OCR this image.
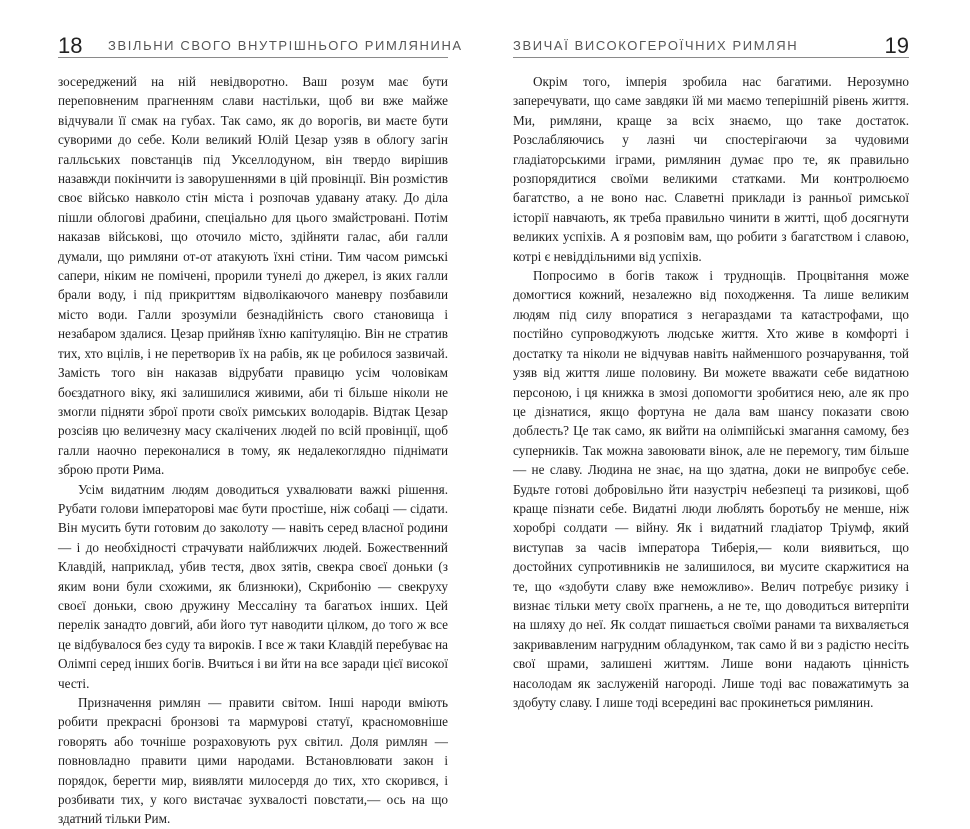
18 ЗВІЛЬНИ СВОГО ВНУТРІШНЬОГО РИМЛЯНИНА

зосереджений на ній невідворотно. Ваш розум має бути переповненим прагненням слави настільки, щоб ви вже майже відчували її смак на губах. Так само, як до ворогів, ви маєте бути суворими до себе. Коли великий Юлій Цезар узяв в облогу загін галльських повстанців під Укселлодуном, він твердо вирішив назавжди покінчити із заворушеннями в цій провінції. Він розмістив своє військо навколо стін міста і розпочав удавану атаку. До діла пішли облогові драбини, спеціально для цього змайстровані. Потім наказав військові, що оточило місто, здійняти галас, аби галли думали, що римляни от-от атакують їхні стіни. Тим часом римські сапери, ніким не помічені, прорили тунелі до джерел, із яких галли брали воду, і під прикриттям відволікаючого маневру позбавили місто води. Галли зрозуміли безнадійність свого становища і незабаром здалися. Цезар прийняв їхню капітуляцію. Він не стратив тих, хто вцілів, і не перетворив їх на рабів, як це робилося зазвичай. Замість того він наказав відрубати правицю усім чоловікам боєздатного віку, які залишилися живими, аби ті більше ніколи не змогли підняти зброї проти своїх римських володарів. Відтак Цезар розсіяв цю величезну масу скалічених людей по всій провінції, щоб галли наочно переконалися в тому, як недалекоглядно піднімати зброю проти Рима.

Усім видатним людям доводиться ухвалювати важкі рішення. Рубати голови імператорові має бути простіше, ніж собаці — сідати. Він мусить бути готовим до заколоту — навіть серед власної родини — і до необхідності страчувати найближчих людей. Божественний Клавдій, наприклад, убив тестя, двох зятів, свекра своєї доньки (з яким вони були схожими, як близнюки), Скрибонію — свекруху своєї доньки, свою дружину Мессаліну та багатьох інших. Цей перелік занадто довгий, аби його тут наводити цілком, до того ж все це відбувалося без суду та вироків. І все ж таки Клавдій перебуває на Олімпі серед інших богів. Вчиться і ви йти на все заради цієї високої честі.

Призначення римлян — правити світом. Інші народи вміють робити прекрасні бронзові та мармурові статуї, красномовніше говорять або точніше розраховують рух світил. Доля римлян — повновладно правити цими народами. Встановлювати закон і порядок, берегти мир, виявляти милосердя до тих, хто скорився, і розбивати тих, у кого вистачає зухвалості повстати,— ось на що здатний тільки Рим.

ЗВИЧАЇ ВИСОКОГЕРОЇЧНИХ РИМЛЯН	19

Окрім того, імперія зробила нас багатими. Нерозумно заперечувати, що саме завдяки їй ми маємо теперішній рівень життя. Ми, римляни, краще за всіх знаємо, що таке достаток. Розслабляючись у лазні чи спостерігаючи за чудовими гладіаторськими іграми, римлянин думає про те, як правильно розпорядитися своїми великими статками. Ми контролюємо багатство, а не воно нас. Славетні приклади із ранньої римської історії навчають, як треба правильно чинити в житті, щоб досягнути великих успіхів. А я розповім вам, що робити з багатством і славою, котрі є невіддільними від успіхів.

Попросимо в богів також і труднощів. Процвітання може домогтися кожний, незалежно від походження. Та лише великим людям під силу впоратися з негараздами та катастрофами, що постійно супроводжують людське життя. Хто живе в комфорті і достатку та ніколи не відчував навіть найменшого розчарування, той узяв від життя лише половину. Ви можете вважати себе видатною персоною, і ця книжка в змозі допомогти зробитися нею, але як про це дізнатися, якщо фортуна не дала вам шансу показати свою доблесть? Це так само, як вийти на олімпійські змагання самому, без суперників. Так можна завоювати вінок, але не перемогу, тим більше — не славу. Людина не знає, на що здатна, доки не випробує себе. Будьте готові добровільно йти назустріч небезпеці та ризикові, щоб краще пізнати себе. Видатні люди люблять боротьбу не менше, ніж хоробрі солдати — війну. Як і видатний гладіатор Тріумф, який виступав за часів імператора Тиберія,— коли виявиться, що достойних супротивників не залишилося, ви мусите скаржитися на те, що «здобути славу вже неможливо». Велич потребує ризику і визнає тільки мету своїх прагнень, а не те, що доводиться витерпіти на шляху до неї. Як солдат пишається своїми ранами та вихваляється закривавленим нагрудним обладунком, так само й ви з радістю несіть свої шрами, залишені життям. Лише вони надають цінність насолодам як заслуженій нагороді. Лише тоді вас поважатимуть за здобуту славу. І лише тоді всередині вас прокинеться римлянин.
